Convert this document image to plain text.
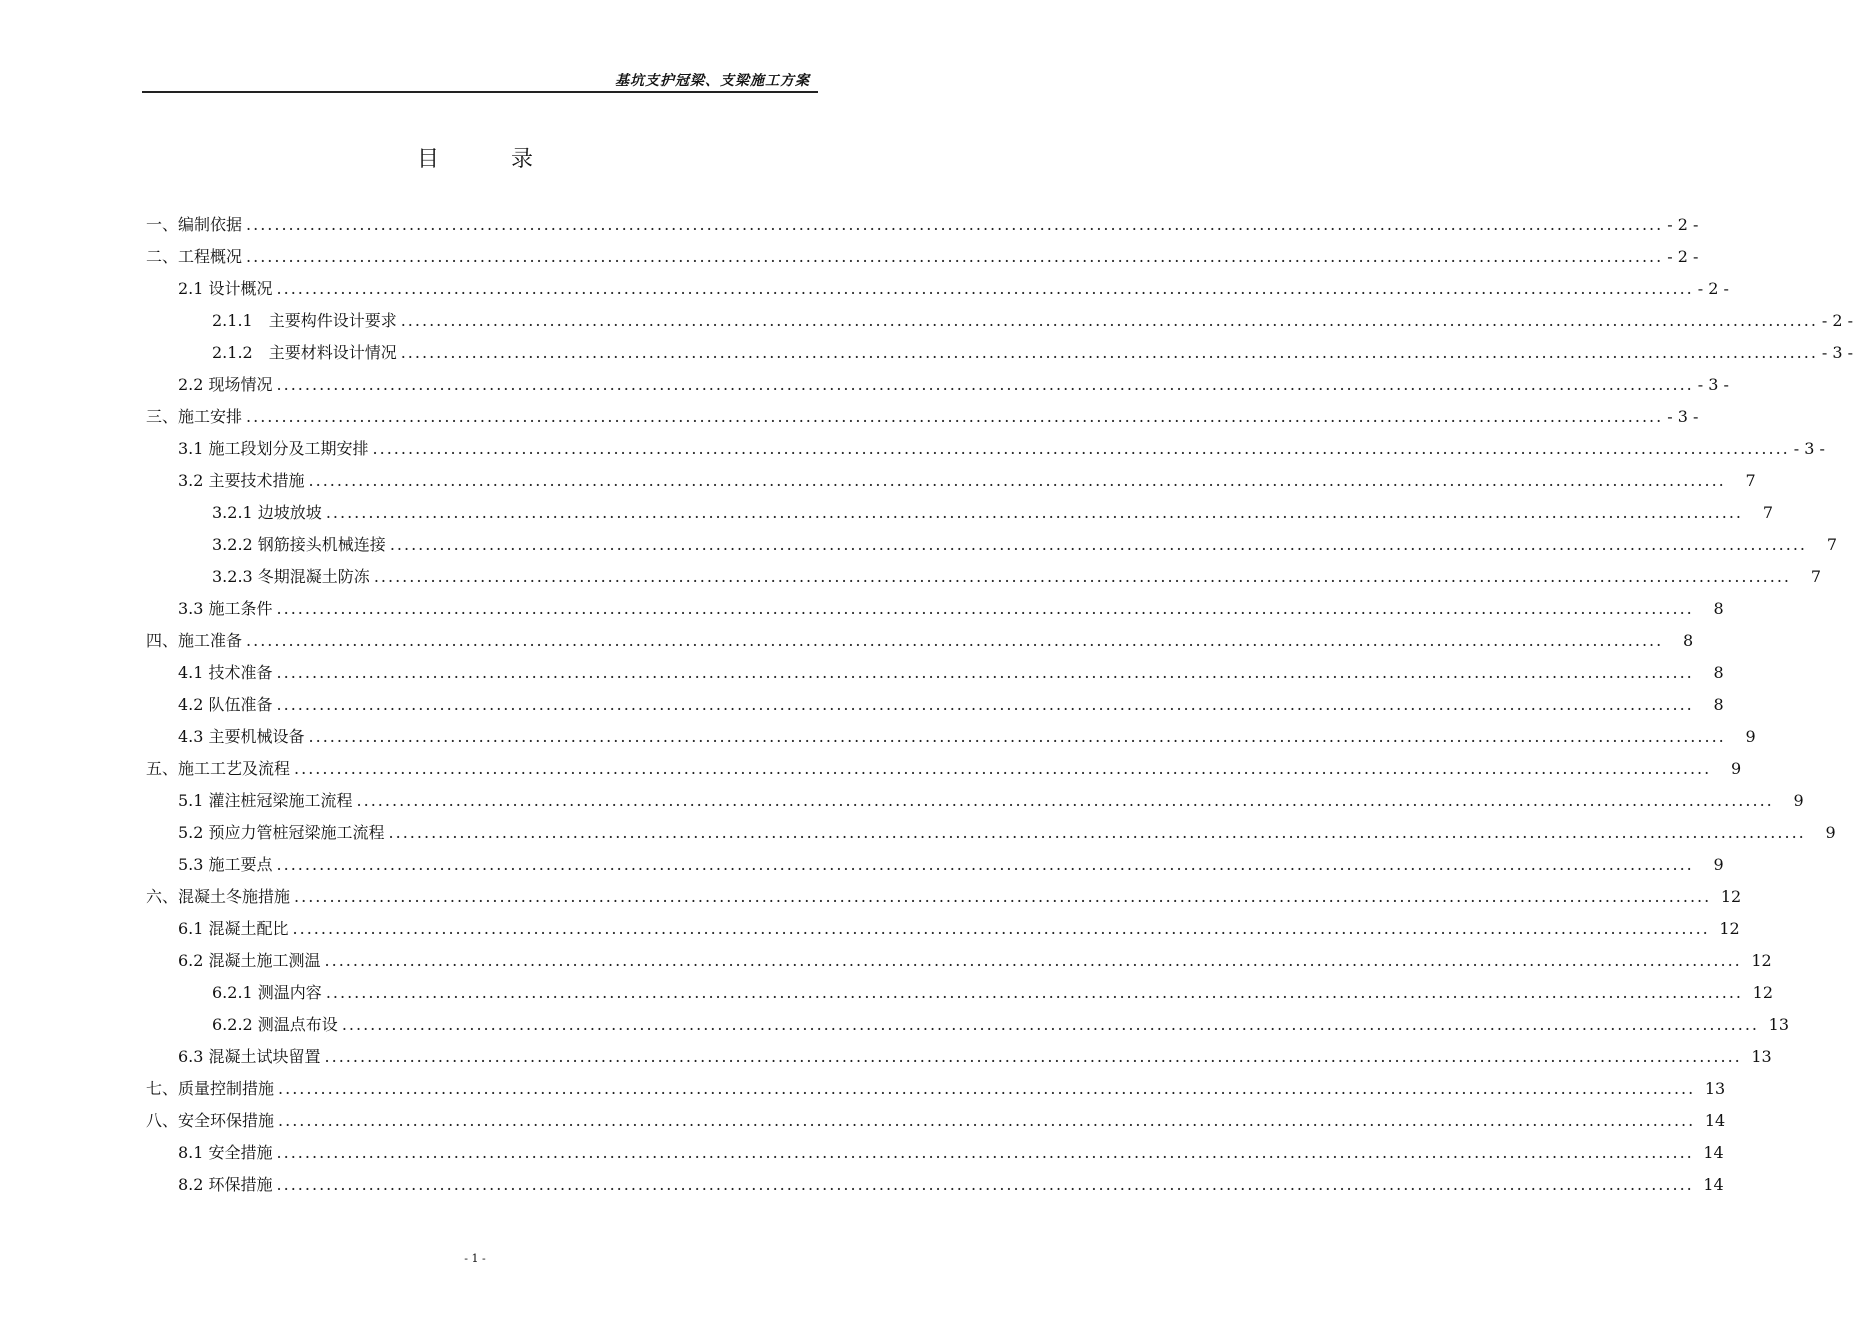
基坑支护冠梁、支梁施工方案
目	录
一、编制依据 ........................................................................................................................................................................................................ - 2 -
二、工程概况 ........................................................................................................................................................................................................ - 2 -
2.1 设计概况 ........................................................................................................................................................................................................ - 2 -
2.1.1　主要构件设计要求 ........................................................................................................................................................................................................ - 2 -
2.1.2　主要材料设计情况 ........................................................................................................................................................................................................ - 3 -
2.2 现场情况 ........................................................................................................................................................................................................ - 3 -
三、施工安排 ........................................................................................................................................................................................................ - 3 -
3.1 施工段划分及工期安排 ........................................................................................................................................................................................................ - 3 -
3.2 主要技术措施 ........................................................................................................................................................................................................	7
3.2.1 边坡放坡 ........................................................................................................................................................................................................	7
3.2.2 钢筋接头机械连接 ........................................................................................................................................................................................................	7
3.2.3 冬期混凝土防冻 ........................................................................................................................................................................................................	7
3.3 施工条件 ........................................................................................................................................................................................................	8
四、施工准备 ........................................................................................................................................................................................................	8
4.1 技术准备 ........................................................................................................................................................................................................	8
4.2 队伍准备 ........................................................................................................................................................................................................	8
4.3 主要机械设备 ........................................................................................................................................................................................................	9
五、施工工艺及流程 ........................................................................................................................................................................................................	9
5.1 灌注桩冠梁施工流程 ........................................................................................................................................................................................................	9
5.2 预应力管桩冠梁施工流程 ........................................................................................................................................................................................................	9
5.3 施工要点 ........................................................................................................................................................................................................	9
六、混凝土冬施措施 ........................................................................................................................................................................................................ 12
6.1 混凝土配比 ........................................................................................................................................................................................................ 12
6.2 混凝土施工测温 ........................................................................................................................................................................................................ 12
6.2.1 测温内容 ........................................................................................................................................................................................................ 12
6.2.2 测温点布设 ........................................................................................................................................................................................................ 13
6.3 混凝土试块留置 ........................................................................................................................................................................................................ 13
七、质量控制措施 ........................................................................................................................................................................................................ 13
八、安全环保措施 ........................................................................................................................................................................................................ 14
8.1 安全措施 ........................................................................................................................................................................................................ 14
8.2 环保措施 ........................................................................................................................................................................................................ 14
- 1 -
